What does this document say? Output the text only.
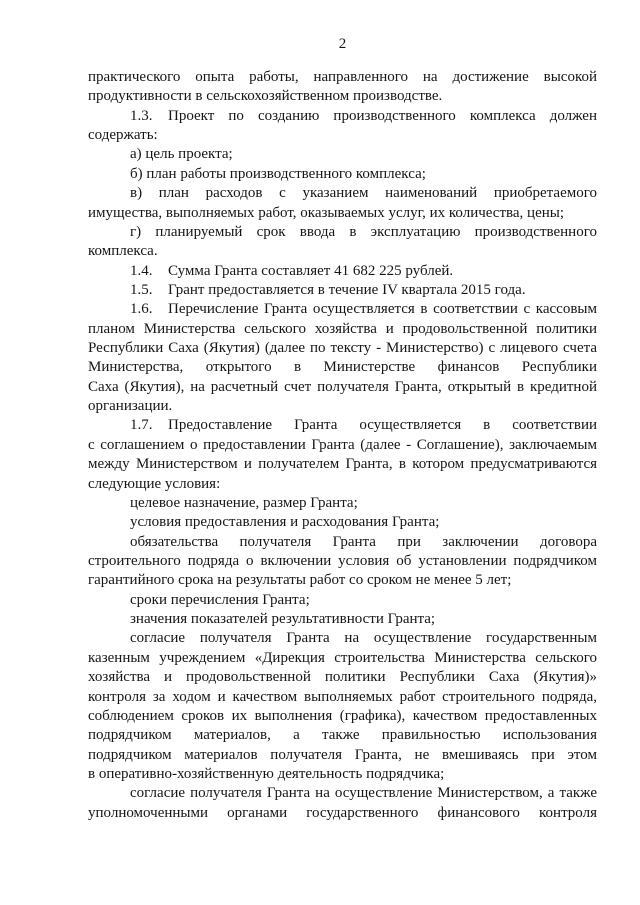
2
практического опыта работы, направленного на достижение высокой
продуктивности в сельскохозяйственном производстве.
1.3. Проект по созданию производственного комплекса должен
содержать:
а) цель проекта;
б) план работы производственного комплекса;
в) план расходов с указанием наименований приобретаемого
имущества, выполняемых работ, оказываемых услуг, их количества, цены;
г) планируемый срок ввода в эксплуатацию производственного
комплекса.
1.4. Сумма Гранта составляет 41 682 225 рублей.
1.5. Грант предоставляется в течение IV квартала 2015 года.
1.6. Перечисление Гранта осуществляется в соответствии с кассовым
планом Министерства сельского хозяйства и продовольственной политики
Республики Саха (Якутия) (далее по тексту - Министерство) с лицевого счета
Министерства, открытого в Министерстве финансов Республики
Саха (Якутия), на расчетный счет получателя Гранта, открытый в кредитной
организации.
1.7. Предоставление Гранта осуществляется в соответствии
с соглашением о предоставлении Гранта (далее - Соглашение), заключаемым
между Министерством и получателем Гранта, в котором предусматриваются
следующие условия:
целевое назначение, размер Гранта;
условия предоставления и расходования Гранта;
обязательства получателя Гранта при заключении договора
строительного подряда о включении условия об установлении подрядчиком
гарантийного срока на результаты работ со сроком не менее 5 лет;
сроки перечисления Гранта;
значения показателей результативности Гранта;
согласие получателя Гранта на осуществление государственным
казенным учреждением «Дирекция строительства Министерства сельского
хозяйства и продовольственной политики Республики Саха (Якутия)»
контроля за ходом и качеством выполняемых работ строительного подряда,
соблюдением сроков их выполнения (графика), качеством предоставленных
подрядчиком материалов, а также правильностью использования
подрядчиком материалов получателя Гранта, не вмешиваясь при этом
в оперативно-хозяйственную деятельность подрядчика;
согласие получателя Гранта на осуществление Министерством, а также
уполномоченными органами государственного финансового контроля
